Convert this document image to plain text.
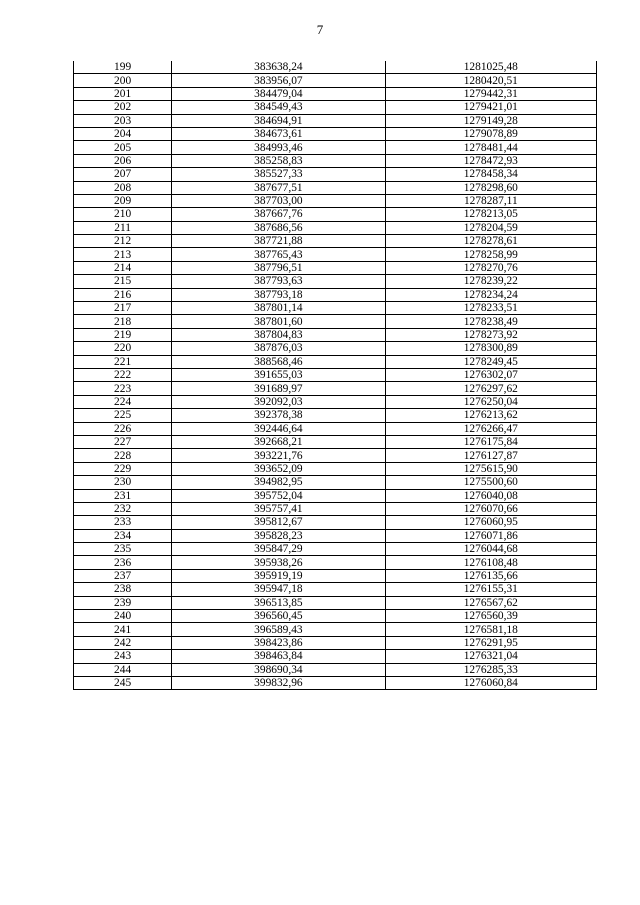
7
199	383638,24	1281025,48
200	383956,07	1280420,51
201	384479,04	1279442,31
202	384549,43	1279421,01
203	384694,91	1279149,28
204	384673,61	1279078,89
205	384993,46	1278481,44
206	385258,83	1278472,93
207	385527,33	1278458,34
208	387677,51	1278298,60
209	387703,00	1278287,11
210	387667,76	1278213,05
211	387686,56	1278204,59
212	387721,88	1278278,61
213	387765,43	1278258,99
214	387796,51	1278270,76
215	387793,63	1278239,22
216	387793,18	1278234,24
217	387801,14	1278233,51
218	387801,60	1278238,49
219	387804,83	1278273,92
220	387876,03	1278300,89
221	388568,46	1278249,45
222	391655,03	1276302,07
223	391689,97	1276297,62
224	392092,03	1276250,04
225	392378,38	1276213,62
226	392446,64	1276266,47
227	392668,21	1276175,84
228	393221,76	1276127,87
229	393652,09	1275615,90
230	394982,95	1275500,60
231	395752,04	1276040,08
232	395757,41	1276070,66
233	395812,67	1276060,95
234	395828,23	1276071,86
235	395847,29	1276044,68
236	395938,26	1276108,48
237	395919,19	1276135,66
238	395947,18	1276155,31
239	396513,85	1276567,62
240	396560,45	1276560,39
241	396589,43	1276581,18
242	398423,86	1276291,95
243	398463,84	1276321,04
244	398690,34	1276285,33
245	399832,96	1276060,84
